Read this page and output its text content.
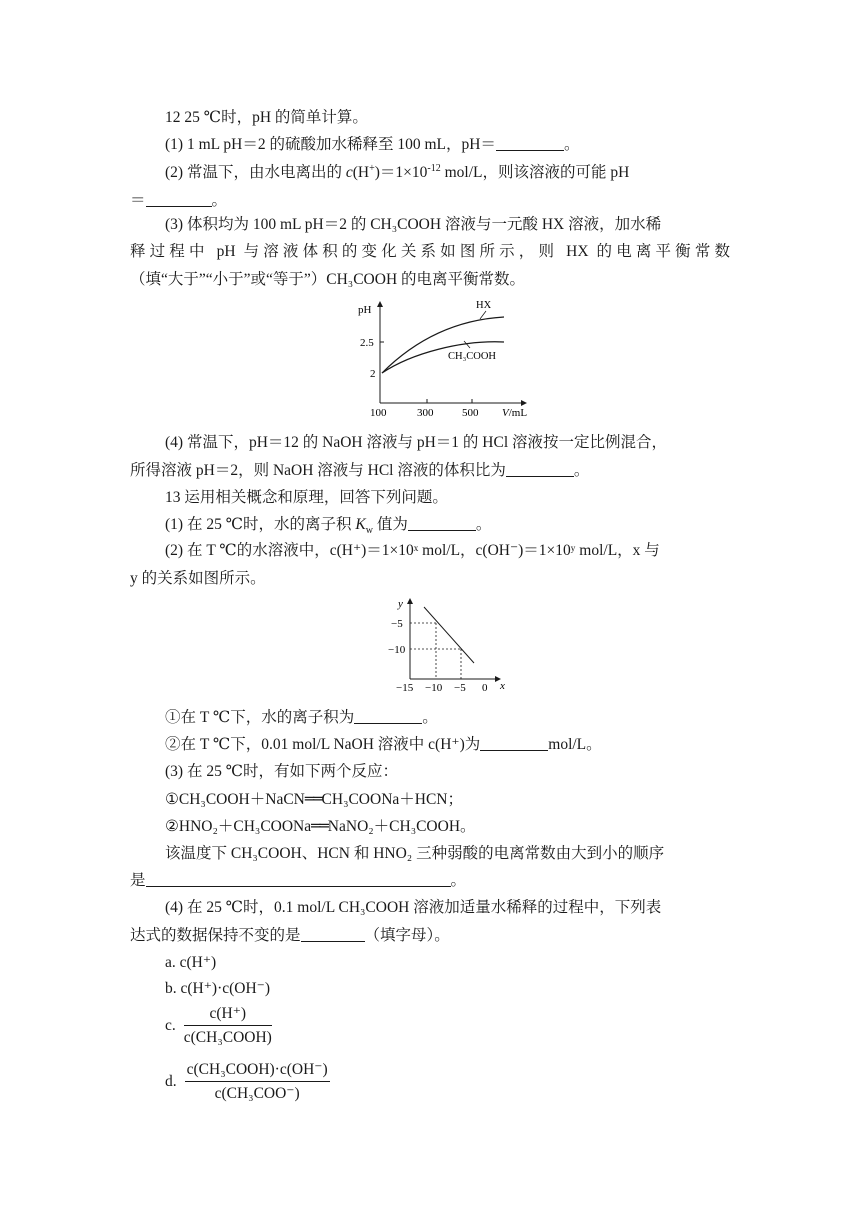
12 25 ℃时，pH 的简单计算。
(1) 1 mL pH＝2 的硫酸加水稀释至 100 mL，pH＝	。
(2) 常温下，由水电离出的 $c(H^+)=1\times 10^{-12}$ mol/L，则该溶液的可能 pH
＝	。
(3) 体积均为 100 mL pH＝2 的 CH₃COOH 溶液与一元酸 HX 溶液，加水稀
释过程中 pH 与溶液体积的变化关系如图所示，则 HX 的电离平衡常数
（填“大于”“小于”或“等于”）CH₃COOH 的电离平衡常数。
pH
2.5
2
100	300	500 V/mL
HX
CH₃COOH
(4) 常温下，pH＝12 的 NaOH 溶液与 pH＝1 的 HCl 溶液按一定比例混合，
所得溶液 pH＝2，则 NaOH 溶液与 HCl 溶液的体积比为	。
13 运用相关概念和原理，回答下列问题。
(1) 在 25 ℃时，水的离子积 $K_w$ 值为	。
(2) 在 T ℃的水溶液中，c(H⁺)＝1×10ˣ mol/L，c(OH⁻)＝1×10ʸ mol/L，x 与
y 的关系如图所示。
y
x
−5
−10
−15 −10 −5 0
①在 T ℃下，水的离子积为	。
②在 T ℃下，0.01 mol/L NaOH 溶液中 c(H⁺)为	mol/L。
(3) 在 25 ℃时，有如下两个反应：
①CH₃COOH＋NaCN══CH₃COONa＋HCN；
②HNO₂＋CH₃COONa══NaNO₂＋CH₃COOH。
该温度下 CH₃COOH、HCN 和 HNO₂ 三种弱酸的电离常数由大到小的顺序
是	。
(4) 在 25 ℃时，0.1 mol/L CH₃COOH 溶液加适量水稀释的过程中，下列表
达式的数据保持不变的是	（填字母）。
a. c(H⁺)
b. c(H⁺)·c(OH⁻)
c. $\frac{c(H^+)}{\text{c(CH₃COOH)}}$
d. $\frac{\text{c(CH₃COOH)·c(OH⁻)}}{\text{c(CH₃COO⁻)}}$
